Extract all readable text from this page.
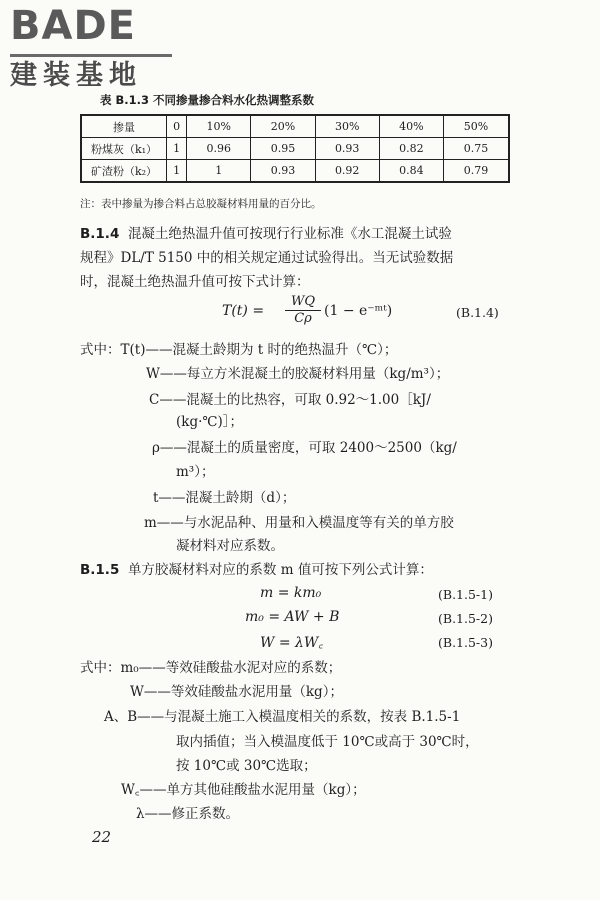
BADE
建装基地
表 B.1.3 不同掺量掺合料水化热调整系数
掺量	0	10%	20%	30%	40%	50%
粉煤灰（k₁）	1	0.96	0.95	0.93	0.82	0.75
矿渣粉（k₂）	1	1	0.93	0.92	0.84	0.79
注：表中掺量为掺合料占总胶凝材料用量的百分比。
B.1.4 混凝土绝热温升值可按现行行业标准《水工混凝土试验
规程》DL/T 5150 中的相关规定通过试验得出。当无试验数据
时，混凝土绝热温升值可按下式计算：
$T(t) = \frac{WQ}{C\rho} (1$ − e⁻ᵐᵗ)	(B.1.4)
式中：T(t)——混凝土龄期为 t 时的绝热温升（℃）；
W——每立方米混凝土的胶凝材料用量（kg/m³）；
C——混凝土的比热容，可取 0.92～1.00［kJ/
(kg·℃)］；
ρ——混凝土的质量密度，可取 2400～2500（kg/
m³）；
t——混凝土龄期（d）；
m——与水泥品种、用量和入模温度等有关的单方胶
凝材料对应系数。
B.1.5 单方胶凝材料对应的系数 m 值可按下列公式计算：
m = km₀	(B.1.5-1)
m₀ = AW + B	(B.1.5-2)
W = λW꜀	(B.1.5-3)
式中：m₀——等效硅酸盐水泥对应的系数；
W——等效硅酸盐水泥用量（kg）；
A、B——与混凝土施工入模温度相关的系数，按表 B.1.5-1
取内插值；当入模温度低于 10℃或高于 30℃时，
按 10℃或 30℃选取；
W꜀——单方其他硅酸盐水泥用量（kg）；
λ——修正系数。
22
